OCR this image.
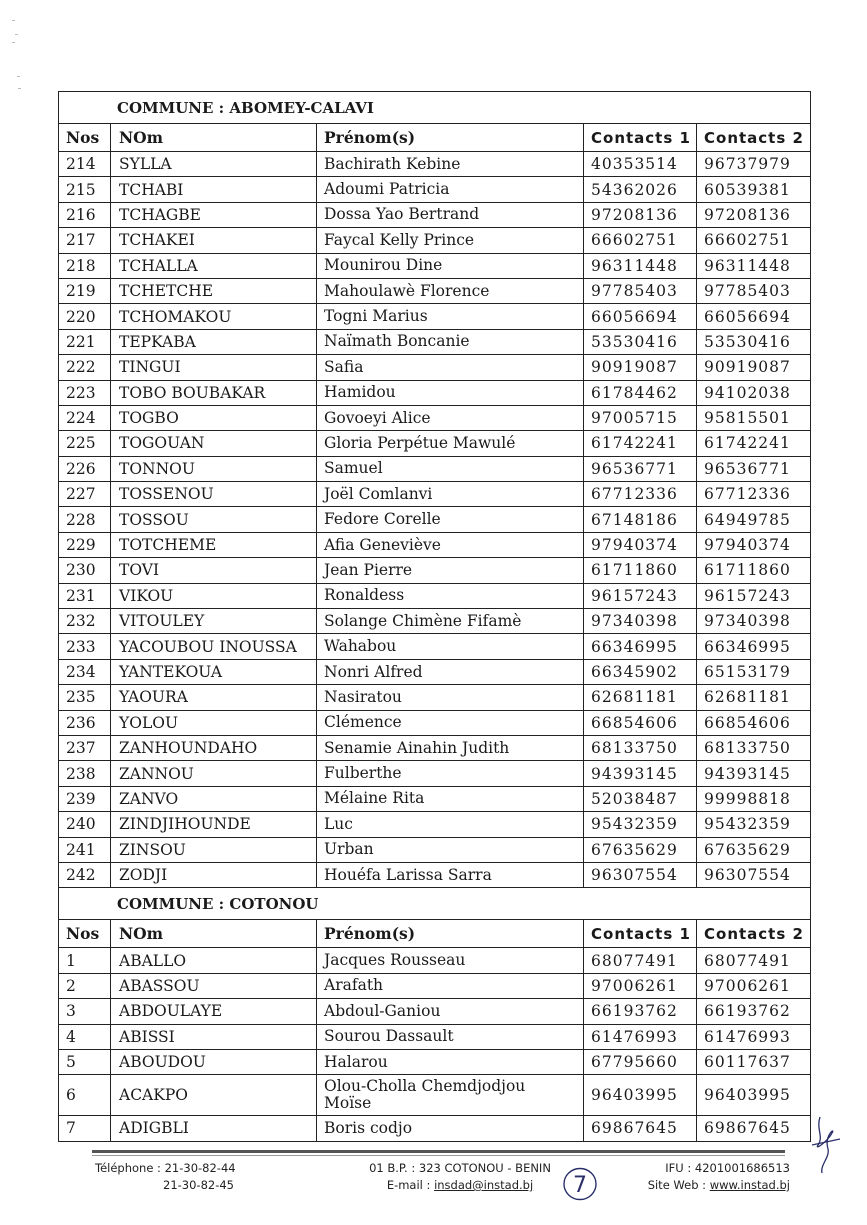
COMMUNE : ABOMEY-CALAVI				
Nos	NOm	Prénom(s)	Contacts 1	Contacts 2
214	SYLLA	Bachirath Kebine	40353514	96737979
215	TCHABI	Adoumi Patricia	54362026	60539381
216	TCHAGBE	Dossa Yao Bertrand	97208136	97208136
217	TCHAKEI	Faycal Kelly Prince	66602751	66602751
218	TCHALLA	Mounirou Dine	96311448	96311448
219	TCHETCHE	Mahoulawè Florence	97785403	97785403
220	TCHOMAKOU	Togni Marius	66056694	66056694
221	TEPKABA	Naïmath Boncanie	53530416	53530416
222	TINGUI	Safia	90919087	90919087
223	TOBO BOUBAKAR	Hamidou	61784462	94102038
224	TOGBO	Govoeyi Alice	97005715	95815501
225	TOGOUAN	Gloria Perpétue Mawulé	61742241	61742241
226	TONNOU	Samuel	96536771	96536771
227	TOSSENOU	Joël Comlanvi	67712336	67712336
228	TOSSOU	Fedore Corelle	67148186	64949785
229	TOTCHEME	Afia Geneviève	97940374	97940374
230	TOVI	Jean Pierre	61711860	61711860
231	VIKOU	Ronaldess	96157243	96157243
232	VITOULEY	Solange Chimène Fifamè	97340398	97340398
233	YACOUBOU INOUSSA	Wahabou	66346995	66346995
234	YANTEKOUA	Nonri Alfred	66345902	65153179
235	YAOURA	Nasiratou	62681181	62681181
236	YOLOU	Clémence	66854606	66854606
237	ZANHOUNDAHO	Senamie Ainahin Judith	68133750	68133750
238	ZANNOU	Fulberthe	94393145	94393145
239	ZANVO	Mélaine Rita	52038487	99998818
240	ZINDJIHOUNDE	Luc	95432359	95432359
241	ZINSOU	Urban	67635629	67635629
242	ZODJI	Houéfa Larissa Sarra	96307554	96307554
COMMUNE : COTONOU				
Nos	NOm	Prénom(s)	Contacts 1	Contacts 2
1	ABALLO	Jacques Rousseau	68077491	68077491
2	ABASSOU	Arafath	97006261	97006261
3	ABDOULAYE	Abdoul-Ganiou	66193762	66193762
4	ABISSI	Sourou Dassault	61476993	61476993
5	ABOUDOU	Halarou	67795660	60117637
6	ACAKPO	Olou-Cholla Chemdjodjou Moïse	96403995	96403995
7	ADIGBLI	Boris codjo	69867645	69867645
Téléphone : 21-30-82-44
21-30-82-45
01 B.P. : 323 COTONOU - BENIN
E-mail : insdad@instad.bj
IFU : 4201001686513
Site Web : www.instad.bj
7
